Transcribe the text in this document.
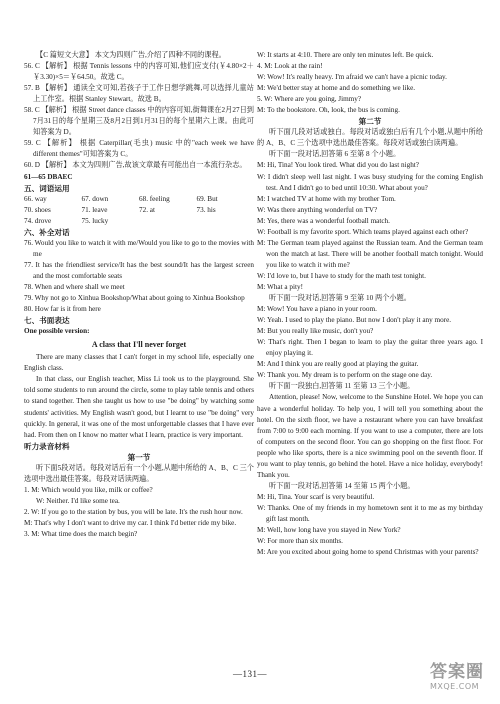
【C 篇短文大意】 本文为四则广告,介绍了四种不同的课程。

56. C 【解析】 根据 Tennis lessons 中的内容可知,他们应支付(￥4.80×2＋￥3.30)×5＝￥64.50。故选 C。

57. B 【解析】 通读全文可知,若孩子于工作日想学跳舞,可以选择儿童站上工作室。根据 Stanley Stewart。故选 B。

58. C 【解析】 根据 Street dance classes 中的内容可知,街舞课在2月27日到7月31日的每个星期三及8月2日到1月31日的每个星期六上课。由此可知答案为 D。

59. C 【解析】 根据 Caterpillar(毛虫) music 中的"each week we have different themes"可知答案为 C。

60. D 【解析】 本文为四则广告,故该文章最有可能出自一本流行杂志。

61—65 DBAEC

五、词语运用

66. way	67. down	68. feeling	69. But
70. shoes	71. leave	72. at	73. his
74. drove	75. lucky

六、补全对话

76. Would you like to watch it with me/Would you like to go to the movies with me

77. It has the friendliest service/It has the best sound/It has the largest screen and the most comfortable seats

78. When and where shall we meet

79. Why not go to Xinhua Bookshop/What about going to Xinhua Bookshop

80. How far is it from here

七、书面表达

One possible version:

A class that I'll never forget

There are many classes that I can't forget in my school life, especially one English class.

In that class, our English teacher, Miss Li took us to the playground. She told some students to run around the circle, some to play table tennis and others to stand together. Then she taught us how to use "be doing" by watching some students' activities. My English wasn't good, but I learnt to use "be doing" very quickly. In general, it was one of the most unforgettable classes that I have ever had. From then on I know no matter what I learn, practice is very important.

听力录音材料

第一节

听下面5段对话。每段对话后有一个小题,从题中所给的 A、B、C 三个选项中选出最佳答案。每段对话读两遍。

1. M: Which would you like, milk or coffee?

W: Neither. I'd like some tea.

2. W: If you go to the station by bus, you will be late. It's the rush hour now.

M: That's why I don't want to drive my car. I think I'd better ride my bike.

3. M: What time does the match begin?

W: It starts at 4:10. There are only ten minutes left. Be quick.

4. M: Look at the rain!

W: Wow! It's really heavy. I'm afraid we can't have a picnic today.

M: We'd better stay at home and do something we like.

5. W: Where are you going, Jimmy?

M: To the bookstore. Oh, look, the bus is coming.

第二节

听下面几段对话或独白。每段对话或独白后有几个小题,从题中所给的 A、B、C 三个选项中选出最佳答案。每段对话或独白读两遍。

听下面一段对话,回答第 6 至第 8 个小题。

M: Hi, Tina! You look tired. What did you do last night?

W: I didn't sleep well last night. I was busy studying for the coming English test. And I didn't go to bed until 10:30. What about you?

M: I watched TV at home with my brother Tom.

W: Was there anything wonderful on TV?

M: Yes, there was a wonderful football match.

W: Football is my favorite sport. Which teams played against each other?

M: The German team played against the Russian team. And the German team won the match at last. There will be another football match tonight. Would you like to watch it with me?

W: I'd love to, but I have to study for the math test tonight.

M: What a pity!

听下面一段对话,回答第 9 至第 10 两个小题。

M: Wow! You have a piano in your room.

W: Yeah. I used to play the piano. But now I don't play it any more.

M: But you really like music, don't you?

W: That's right. Then I began to learn to play the guitar three years ago. I enjoy playing it.

M: And I think you are really good at playing the guitar.

W: Thank you. My dream is to perform on the stage one day.

听下面一段独白,回答第 11 至第 13 三个小题。

Attention, please! Now, welcome to the Sunshine Hotel. We hope you can have a wonderful holiday. To help you, I will tell you something about the hotel. On the sixth floor, we have a restaurant where you can have breakfast from 7:00 to 9:00 each morning. If you want to use a computer, there are lots of computers on the second floor. You can go shopping on the first floor. For people who like sports, there is a nice swimming pool on the seventh floor. If you want to play tennis, go behind the hotel. Have a nice holiday, everybody! Thank you.

听下面一段对话,回答第 14 至第 15 两个小题。

M: Hi, Tina. Your scarf is very beautiful.

W: Thanks. One of my friends in my hometown sent it to me as my birthday gift last month.

M: Well, how long have you stayed in New York?

W: For more than six months.

M: Are you excited about going home to spend Christmas with your parents?

—131—	答案圈
MXQE.COM
